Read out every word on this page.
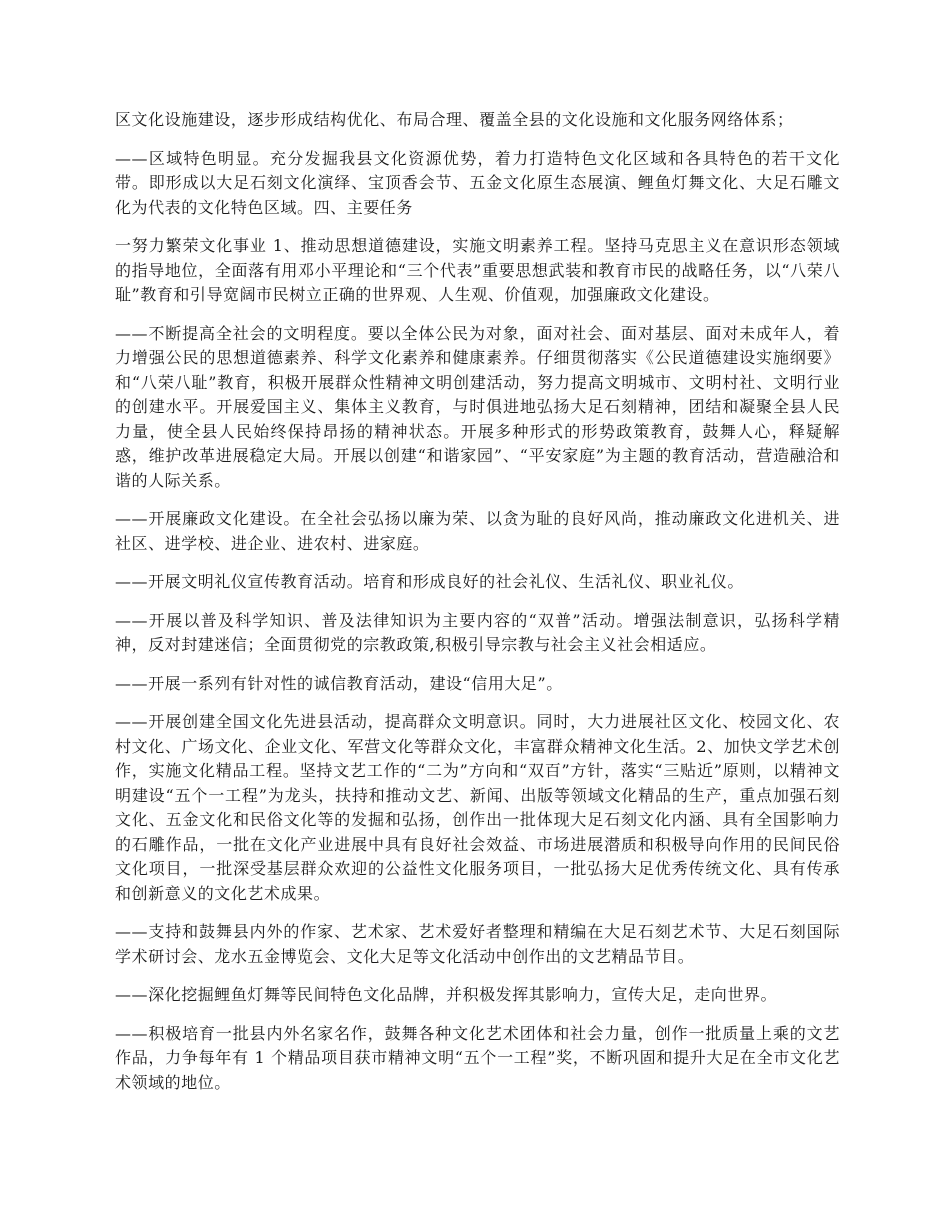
区文化设施建设，逐步形成结构优化、布局合理、覆盖全县的文化设施和文化服务网络体系；

——区域特色明显。充分发掘我县文化资源优势，着力打造特色文化区域和各具特色的若干文化带。即形成以大足石刻文化演绎、宝顶香会节、五金文化原生态展演、鲤鱼灯舞文化、大足石雕文化为代表的文化特色区域。四、主要任务

一努力繁荣文化事业 1、推动思想道德建设，实施文明素养工程。坚持马克思主义在意识形态领域的指导地位，全面落有用邓小平理论和“三个代表”重要思想武装和教育市民的战略任务，以“八荣八耻”教育和引导宽阔市民树立正确的世界观、人生观、价值观，加强廉政文化建设。

——不断提高全社会的文明程度。要以全体公民为对象，面对社会、面对基层、面对未成年人，着力增强公民的思想道德素养、科学文化素养和健康素养。仔细贯彻落实《公民道德建设实施纲要》和“八荣八耻”教育，积极开展群众性精神文明创建活动，努力提高文明城市、文明村社、文明行业的创建水平。开展爱国主义、集体主义教育，与时俱进地弘扬大足石刻精神，团结和凝聚全县人民力量，使全县人民始终保持昂扬的精神状态。开展多种形式的形势政策教育，鼓舞人心，释疑解惑，维护改革进展稳定大局。开展以创建“和谐家园”、“平安家庭”为主题的教育活动，营造融洽和谐的人际关系。

——开展廉政文化建设。在全社会弘扬以廉为荣、以贪为耻的良好风尚，推动廉政文化进机关、进社区、进学校、进企业、进农村、进家庭。

——开展文明礼仪宣传教育活动。培育和形成良好的社会礼仪、生活礼仪、职业礼仪。

——开展以普及科学知识、普及法律知识为主要内容的“双普”活动。增强法制意识，弘扬科学精神，反对封建迷信；全面贯彻党的宗教政策,积极引导宗教与社会主义社会相适应。

——开展一系列有针对性的诚信教育活动，建设“信用大足”。

——开展创建全国文化先进县活动，提高群众文明意识。同时，大力进展社区文化、校园文化、农村文化、广场文化、企业文化、军营文化等群众文化，丰富群众精神文化生活。2、加快文学艺术创作，实施文化精品工程。坚持文艺工作的“二为”方向和“双百”方针，落实“三贴近”原则，以精神文明建设“五个一工程”为龙头，扶持和推动文艺、新闻、出版等领域文化精品的生产，重点加强石刻文化、五金文化和民俗文化等的发掘和弘扬，创作出一批体现大足石刻文化内涵、具有全国影响力的石雕作品，一批在文化产业进展中具有良好社会效益、市场进展潜质和积极导向作用的民间民俗文化项目，一批深受基层群众欢迎的公益性文化服务项目，一批弘扬大足优秀传统文化、具有传承和创新意义的文化艺术成果。

——支持和鼓舞县内外的作家、艺术家、艺术爱好者整理和精编在大足石刻艺术节、大足石刻国际学术研讨会、龙水五金博览会、文化大足等文化活动中创作出的文艺精品节目。

——深化挖掘鲤鱼灯舞等民间特色文化品牌，并积极发挥其影响力，宣传大足，走向世界。

——积极培育一批县内外名家名作，鼓舞各种文化艺术团体和社会力量，创作一批质量上乘的文艺作品，力争每年有 1 个精品项目获市精神文明“五个一工程”奖，不断巩固和提升大足在全市文化艺术领域的地位。
